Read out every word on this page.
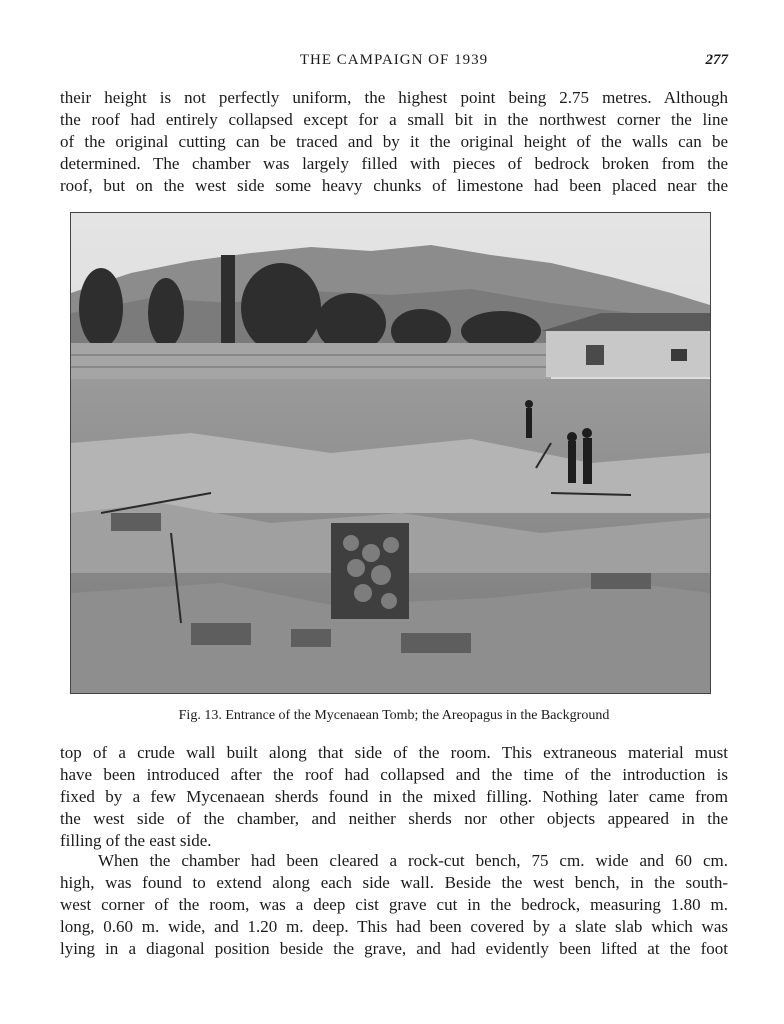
THE CAMPAIGN OF 1939	277

their height is not perfectly uniform, the highest point being 2.75 metres. Although
the roof had entirely collapsed except for a small bit in the northwest corner the line
of the original cutting can be traced and by it the original height of the walls can be
determined. The chamber was largely filled with pieces of bedrock broken from the
roof, but on the west side some heavy chunks of limestone had been placed near the

Fig. 13. Entrance of the Mycenaean Tomb; the Areopagus in the Background

top of a crude wall built along that side of the room. This extraneous material must
have been introduced after the roof had collapsed and the time of the introduction is
fixed by a few Mycenaean sherds found in the mixed filling. Nothing later came from
the west side of the chamber, and neither sherds nor other objects appeared in the
filling of the east side.

When the chamber had been cleared a rock-cut bench, 75 cm. wide and 60 cm.
high, was found to extend along each side wall. Beside the west bench, in the south-
west corner of the room, was a deep cist grave cut in the bedrock, measuring 1.80 m.
long, 0.60 m. wide, and 1.20 m. deep. This had been covered by a slate slab which was
lying in a diagonal position beside the grave, and had evidently been lifted at the foot
